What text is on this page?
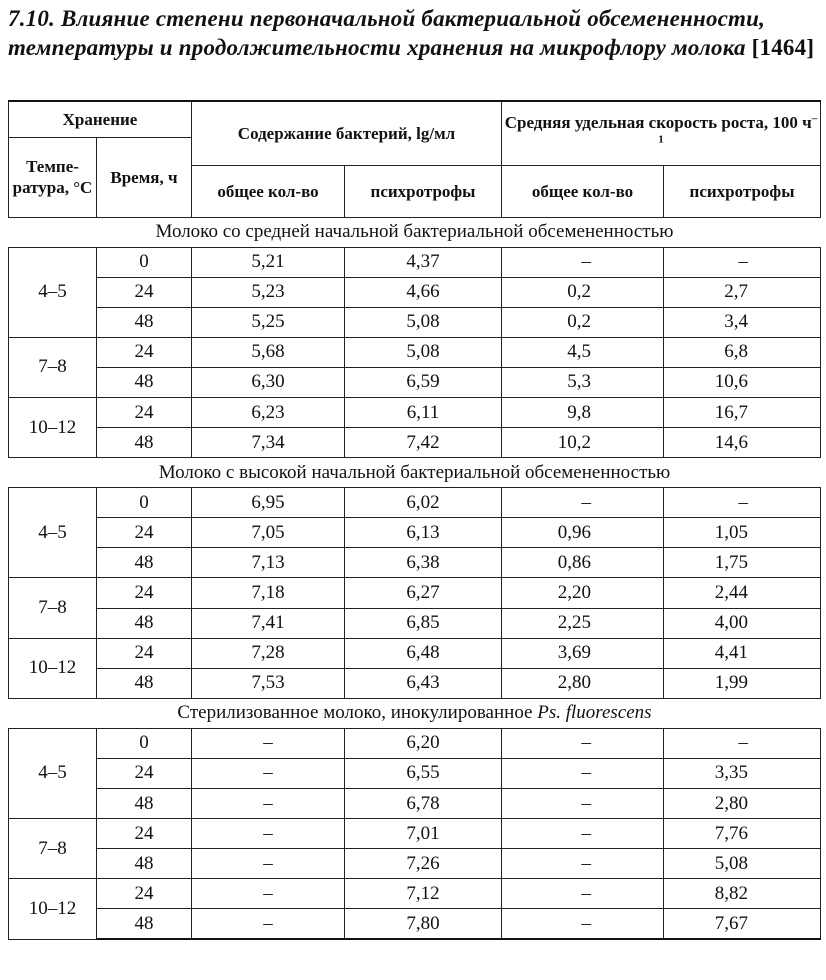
7.10. Влияние степени первоначальной бактериальной обсемененности, температуры и продолжительности хранения на микрофлору молока [1464]
Хранение		Содержание бактерий, lg/мл		Средняя удельная скорость роста, 100 $ч^{-1}$
Темпе-ратура, °С	Время, ч				
		общее кол-во	психротрофы	общее кол-во	психротрофы
Молоко со средней начальной бактериальной обсемененностью					
4–5	0	5,21	4,37	–	–
	24	5,23	4,66	0,2	2,7
	48	5,25	5,08	0,2	3,4
7–8	24	5,68	5,08	4,5	6,8
	48	6,30	6,59	5,3	10,6
10–12	24	6,23	6,11	9,8	16,7
	48	7,34	7,42	10,2	14,6
Молоко с высокой начальной бактериальной обсемененностью					
4–5	0	6,95	6,02	–	–
	24	7,05	6,13	0,96	1,05
	48	7,13	6,38	0,86	1,75
7–8	24	7,18	6,27	2,20	2,44
	48	7,41	6,85	2,25	4,00
10–12	24	7,28	6,48	3,69	4,41
	48	7,53	6,43	2,80	1,99
Стерилизованное молоко, инокулированное Ps. fluorescens					
4–5	0	–	6,20	–	–
	24	–	6,55	–	3,35
	48	–	6,78	–	2,80
7–8	24	–	7,01	–	7,76
	48	–	7,26	–	5,08
10–12	24	–	7,12	–	8,82
	48	–	7,80	–	7,67
